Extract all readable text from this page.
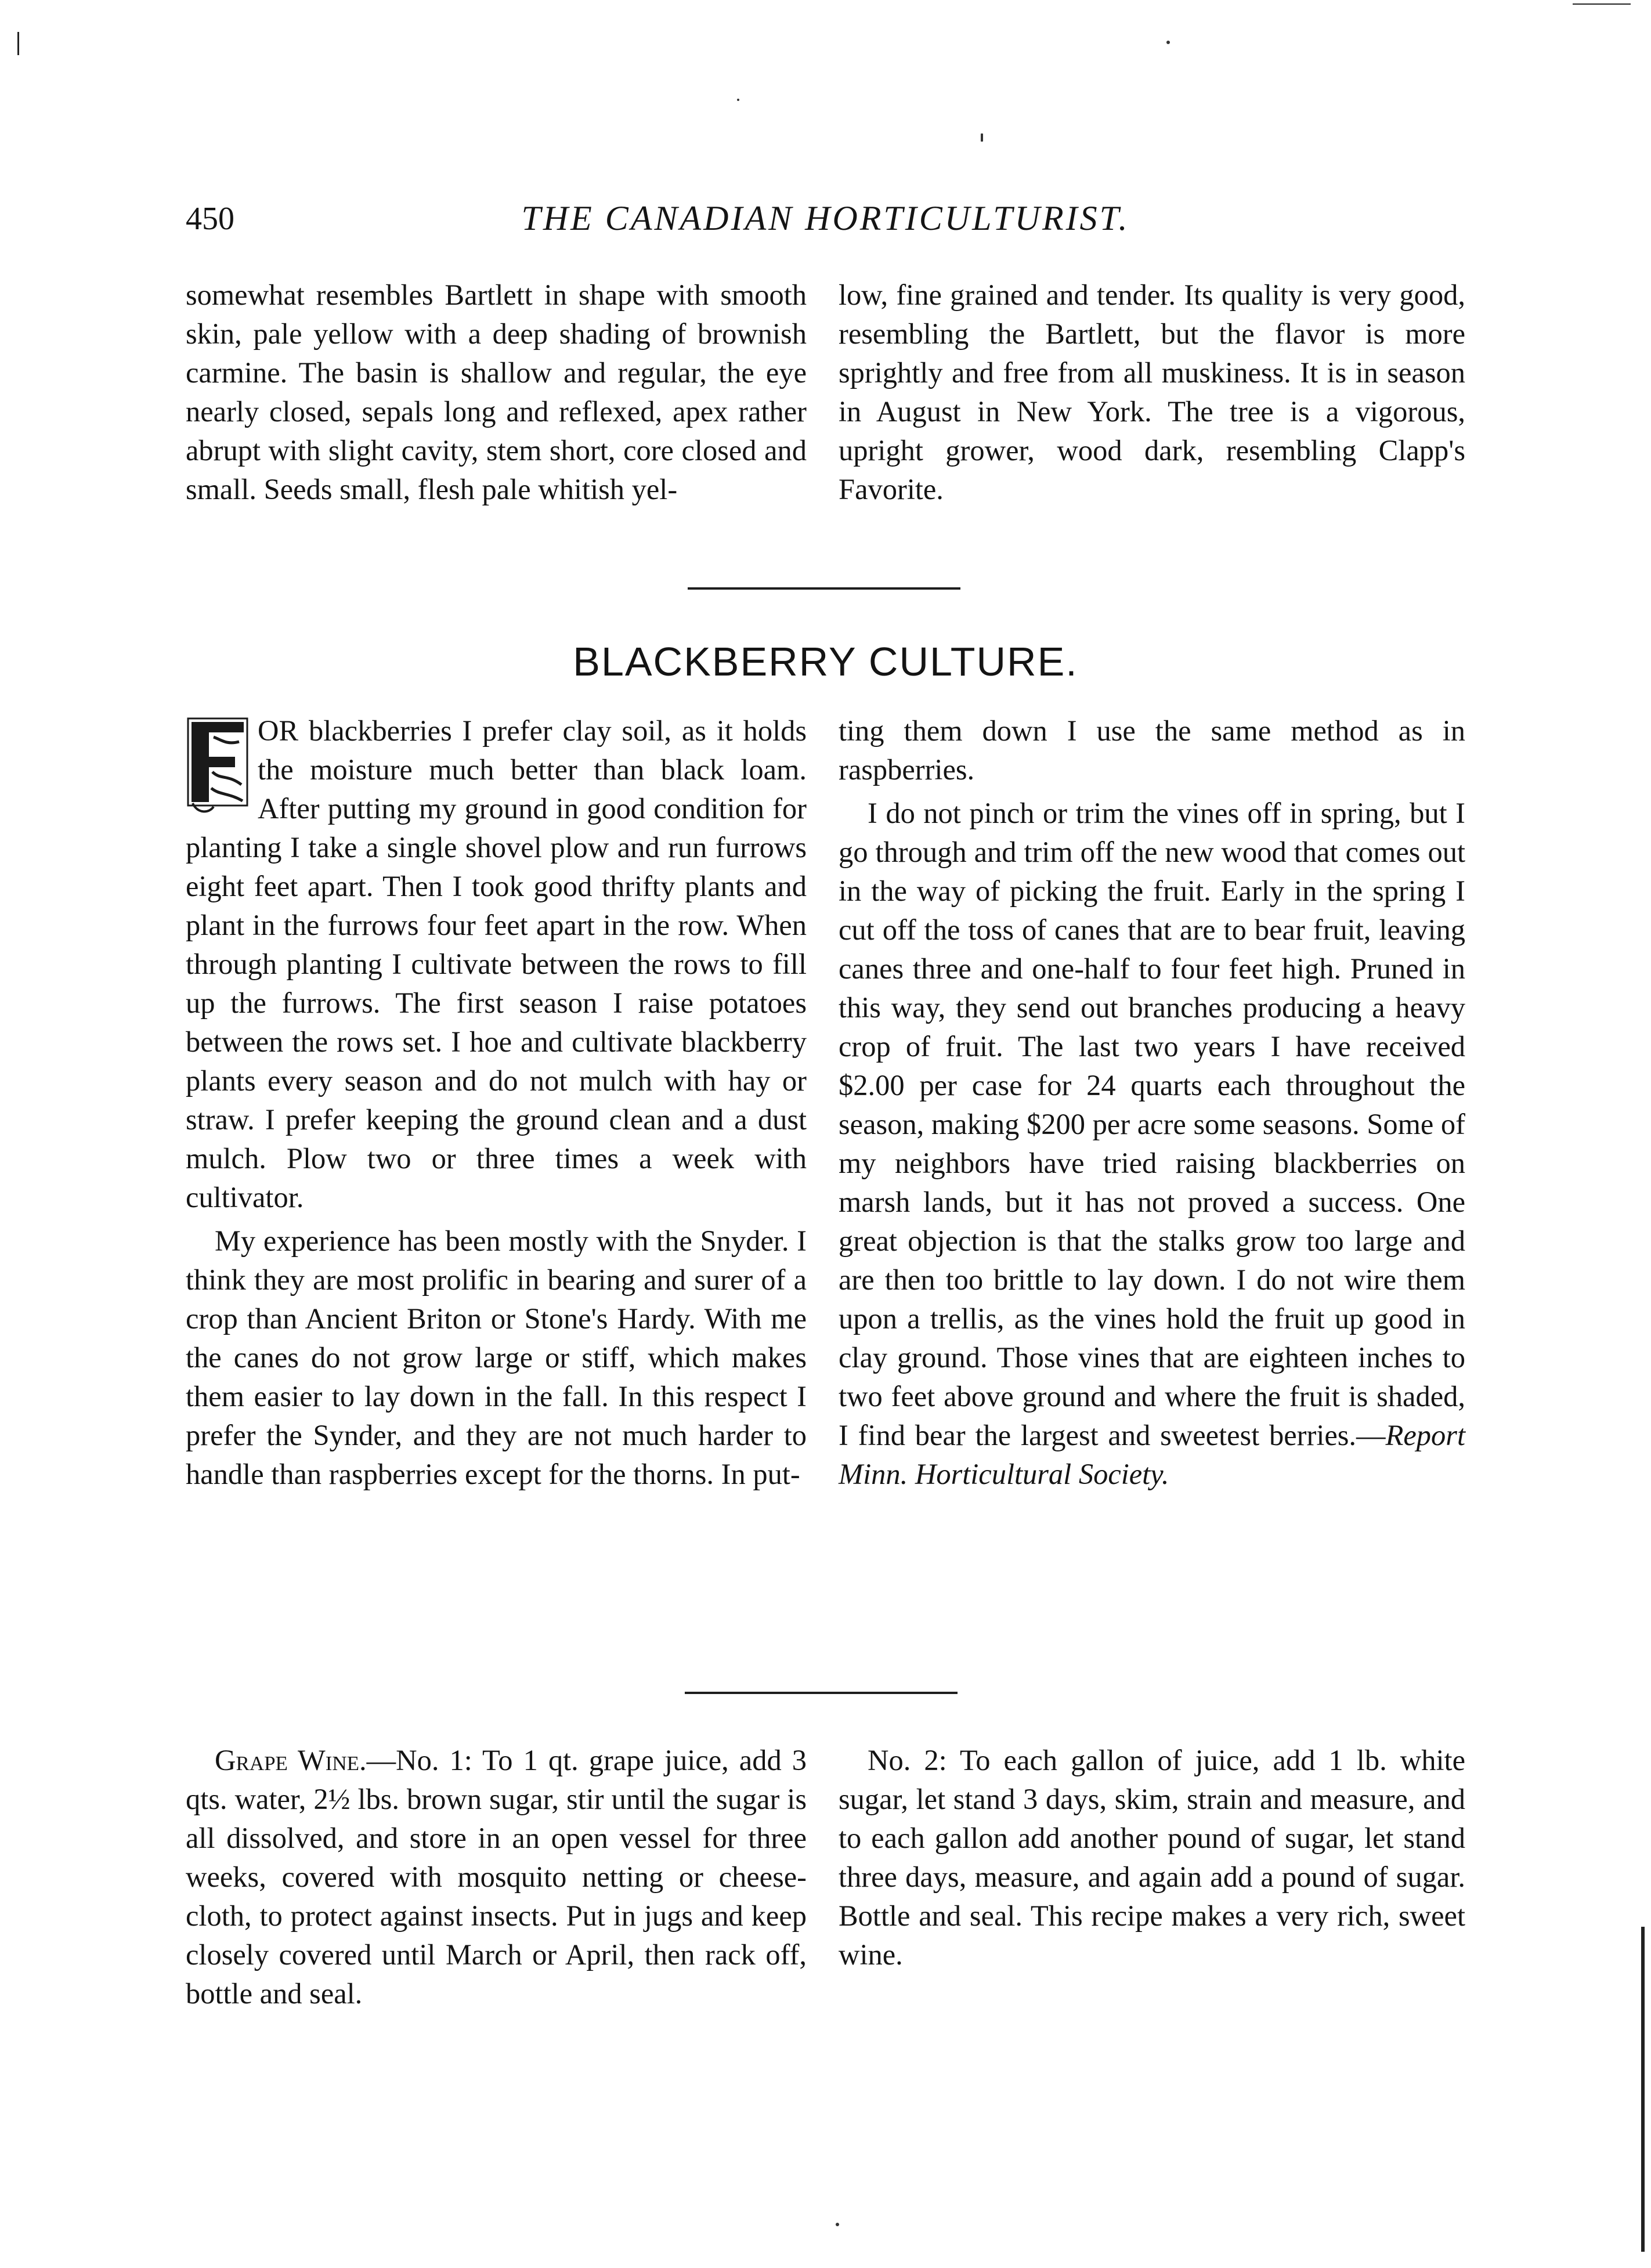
450	THE CANADIAN HORTICULTURIST.

somewhat resembles Bartlett in shape with smooth skin, pale yellow with a deep shading of brownish carmine. The basin is shallow and regular, the eye nearly closed, sepals long and reflexed, apex rather abrupt with slight cavity, stem short, core closed and small. Seeds small, flesh pale whitish yel-

low, fine grained and tender. Its quality is very good, resembling the Bartlett, but the flavor is more sprightly and free from all muskiness. It is in season in August in New York. The tree is a vigorous, upright grower, wood dark, resembling Clapp's Favorite.

BLACKBERRY CULTURE.

F
OR blackberries I prefer clay soil, as it holds the moisture much better than black loam. After putting my ground in good condition for planting I take a single shovel plow and run furrows eight feet apart. Then I took good thrifty plants and plant in the furrows four feet apart in the row. When through planting I cultivate between the rows to fill up the furrows. The first season I raise potatoes between the rows set. I hoe and cultivate blackberry plants every season and do not mulch with hay or straw. I prefer keeping the ground clean and a dust mulch. Plow two or three times a week with cultivator.

My experience has been mostly with the Snyder. I think they are most prolific in bearing and surer of a crop than Ancient Briton or Stone's Hardy. With me the canes do not grow large or stiff, which makes them easier to lay down in the fall. In this respect I prefer the Synder, and they are not much harder to handle than raspberries except for the thorns. In put-

ting them down I use the same method as in raspberries.

I do not pinch or trim the vines off in spring, but I go through and trim off the new wood that comes out in the way of picking the fruit. Early in the spring I cut off the toss of canes that are to bear fruit, leaving canes three and one-half to four feet high. Pruned in this way, they send out branches producing a heavy crop of fruit. The last two years I have received $2.00 per case for 24 quarts each throughout the season, making $200 per acre some seasons. Some of my neighbors have tried raising blackberries on marsh lands, but it has not proved a success. One great objection is that the stalks grow too large and are then too brittle to lay down. I do not wire them upon a trellis, as the vines hold the fruit up good in clay ground. Those vines that are eighteen inches to two feet above ground and where the fruit is shaded, I find bear the largest and sweetest berries.—Report Minn. Horticultural Society.

Grape Wine.—No. 1: To 1 qt. grape juice, add 3 qts. water, 2½ lbs. brown sugar, stir until the sugar is all dissolved, and store in an open vessel for three weeks, covered with mosquito netting or cheese-cloth, to protect against insects. Put in jugs and keep closely covered until March or April, then rack off, bottle and seal.

No. 2: To each gallon of juice, add 1 lb. white sugar, let stand 3 days, skim, strain and measure, and to each gallon add another pound of sugar, let stand three days, measure, and again add a pound of sugar. Bottle and seal. This recipe makes a very rich, sweet wine.
